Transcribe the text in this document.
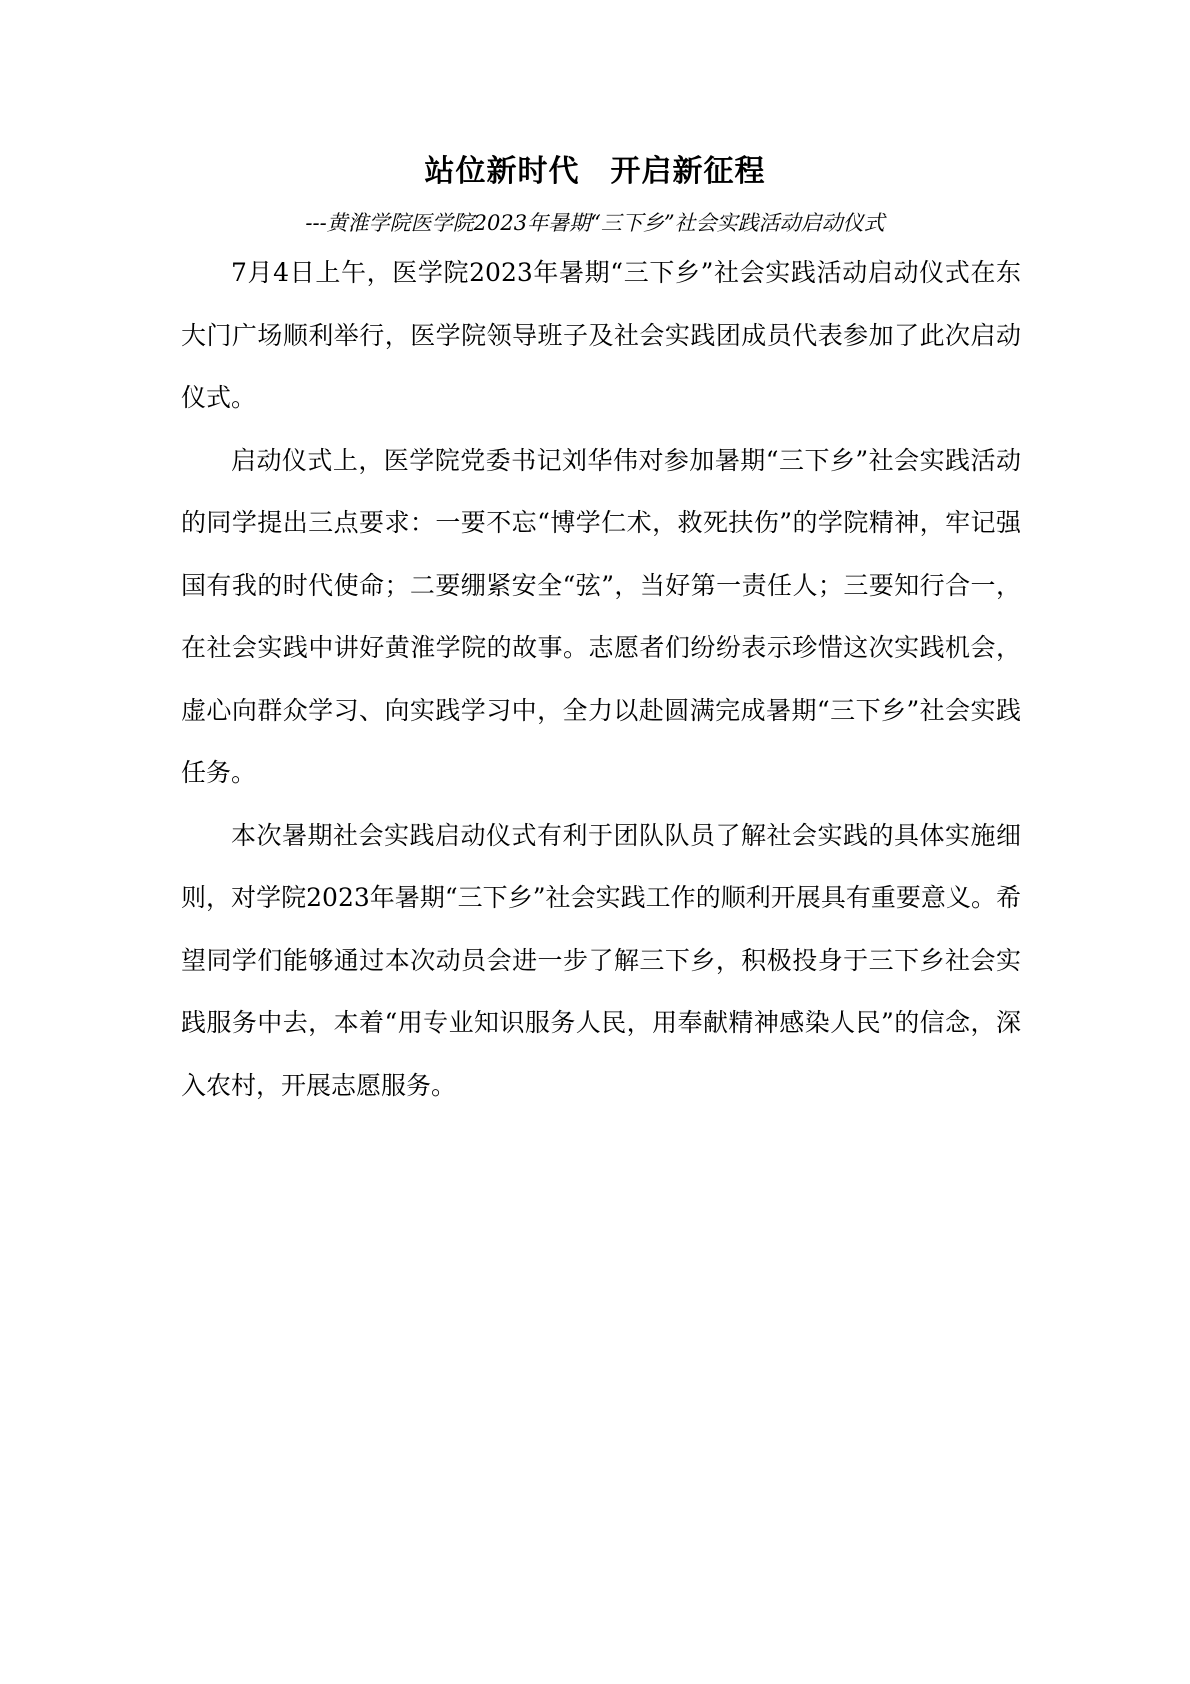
站位新时代　开启新征程
---黄淮学院医学院2023年暑期“三下乡”社会实践活动启动仪式

7月4日上午，医学院2023年暑期“三下乡”社会实践活动启动仪式在东大门广场顺利举行，医学院领导班子及社会实践团成员代表参加了此次启动仪式。

启动仪式上，医学院党委书记刘华伟对参加暑期“三下乡”社会实践活动的同学提出三点要求：一要不忘“博学仁术，救死扶伤”的学院精神，牢记强国有我的时代使命；二要绷紧安全“弦”，当好第一责任人；三要知行合一，在社会实践中讲好黄淮学院的故事。志愿者们纷纷表示珍惜这次实践机会，虚心向群众学习、向实践学习中，全力以赴圆满完成暑期“三下乡”社会实践任务。

本次暑期社会实践启动仪式有利于团队队员了解社会实践的具体实施细则，对学院2023年暑期“三下乡”社会实践工作的顺利开展具有重要意义。希望同学们能够通过本次动员会进一步了解三下乡，积极投身于三下乡社会实践服务中去，本着“用专业知识服务人民，用奉献精神感染人民”的信念，深入农村，开展志愿服务。
